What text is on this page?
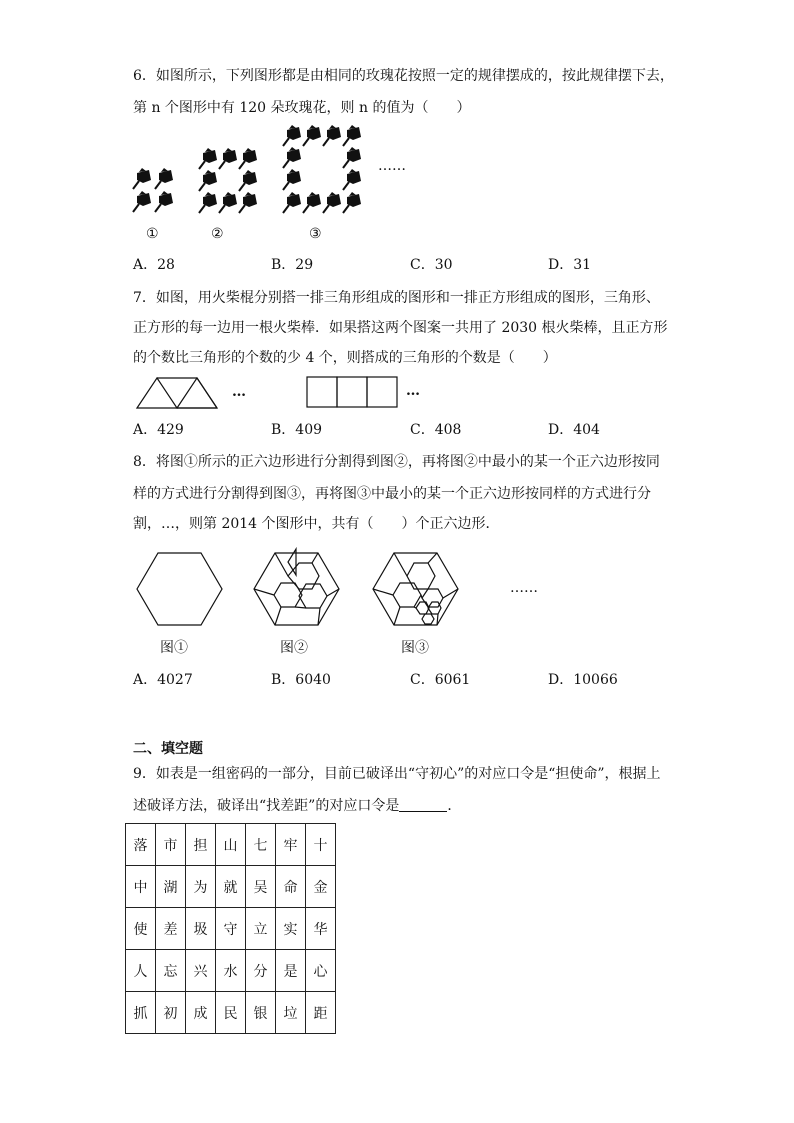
6．如图所示，下列图形都是由相同的玫瑰花按照一定的规律摆成的，按此规律摆下去，
第 n 个图形中有 120 朵玫瑰花，则 n 的值为（　　）
……
①	②	③
A．28	B．29	C．30	D．31
7．如图，用火柴棍分别搭一排三角形组成的图形和一排正方形组成的图形，三角形、
正方形的每一边用一根火柴棒．如果搭这两个图案一共用了 2030 根火柴棒，且正方形
的个数比三角形的个数的少 4 个，则搭成的三角形的个数是（　　）
…	…
A．429	B．409	C．408	D．404
8．将图①所示的正六边形进行分割得到图②，再将图②中最小的某一个正六边形按同
样的方式进行分割得到图③，再将图③中最小的某一个正六边形按同样的方式进行分
割，…，则第 2014 个图形中，共有（　　）个正六边形．
……
图①	图②	图③
A．4027	B．6040	C．6061	D．10066
二、填空题
9．如表是一组密码的一部分，目前已破译出“守初心”的对应口令是“担使命”，根据上
述破译方法，破译出“找差距”的对应口令是	．
落	市	担	山	七	牢	十
中	湖	为	就	吴	命	金
使	差	圾	守	立	实	华
人	忘	兴	水	分	是	心
抓	初	成	民	银	垃	距
